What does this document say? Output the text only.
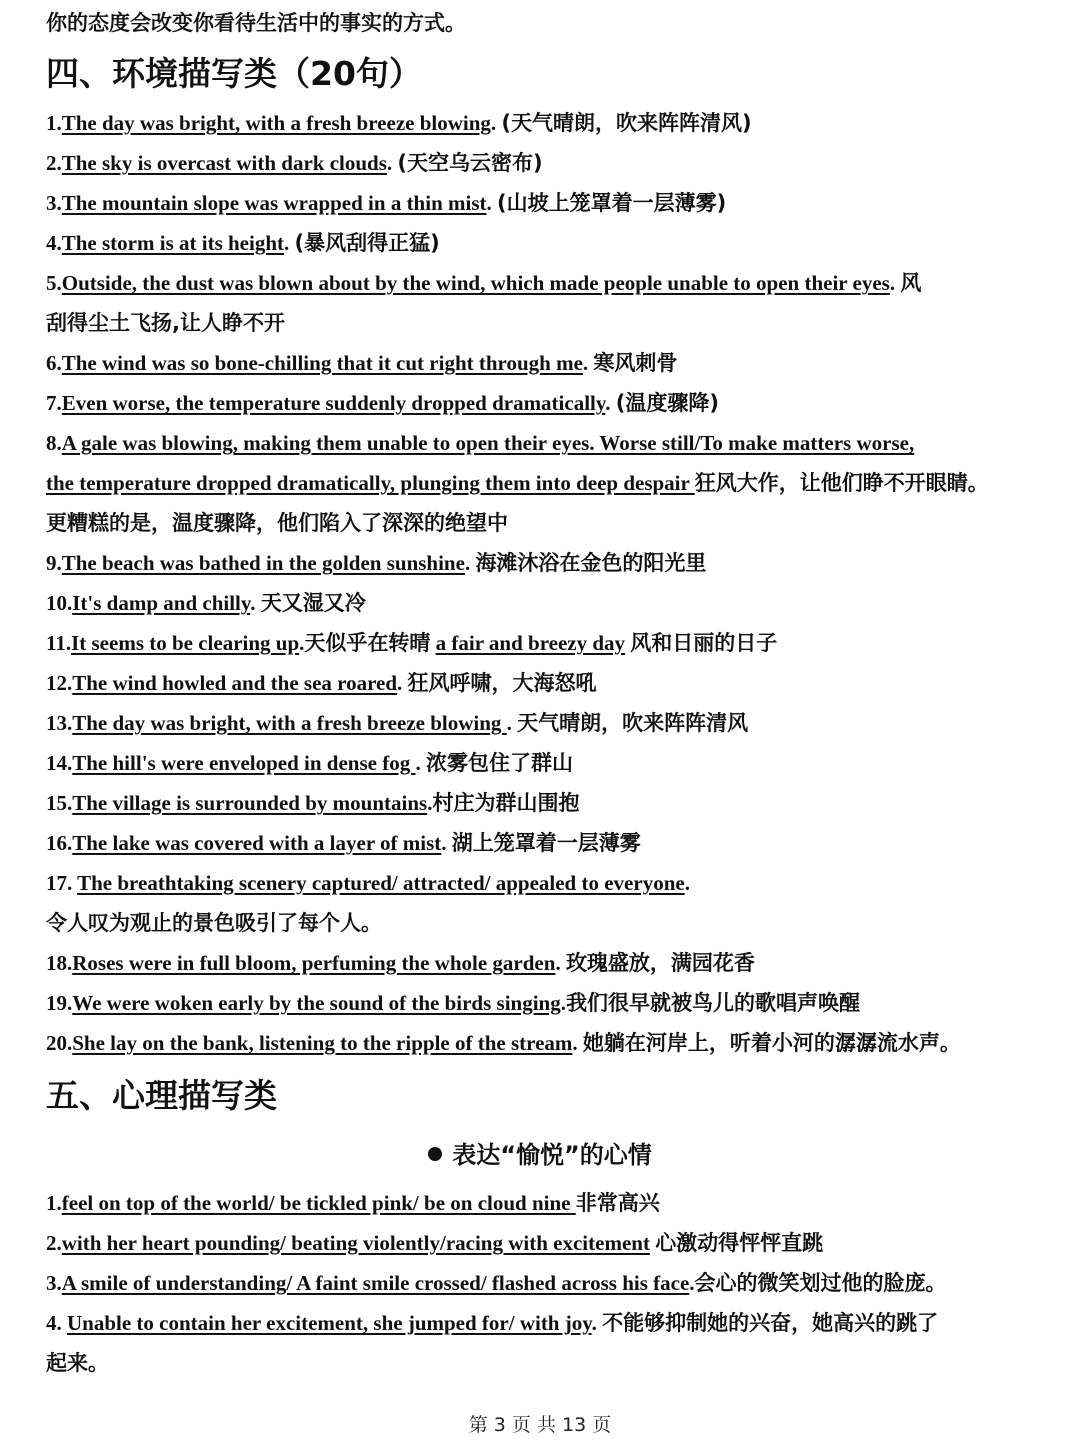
你的态度会改变你看待生活中的事实的方式。
四、环境描写类（20句）
1.The day was bright, with a fresh breeze blowing. (天气晴朗，吹来阵阵清风)
2.The sky is overcast with dark clouds. (天空乌云密布)
3.The mountain slope was wrapped in a thin mist. (山坡上笼罩着一层薄雾)
4.The storm is at its height. (暴风刮得正猛)
5.Outside, the dust was blown about by the wind, which made people unable to open their eyes. 风
刮得尘土飞扬,让人睁不开
6.The wind was so bone-chilling that it cut right through me. 寒风刺骨
7.Even worse, the temperature suddenly dropped dramatically. (温度骤降)
8.A gale was blowing, making them unable to open their eyes. Worse still/To make matters worse,
the temperature dropped dramatically, plunging them into deep despair 狂风大作，让他们睁不开眼睛。
更糟糕的是，温度骤降，他们陷入了深深的绝望中
9.The beach was bathed in the golden sunshine. 海滩沐浴在金色的阳光里
10.It's damp and chilly. 天又湿又冷
11.It seems to be clearing up.天似乎在转晴 a fair and breezy day 风和日丽的日子
12.The wind howled and the sea roared. 狂风呼啸，大海怒吼
13.The day was bright, with a fresh breeze blowing . 天气晴朗，吹来阵阵清风
14.The hill's were enveloped in dense fog . 浓雾包住了群山
15.The village is surrounded by mountains.村庄为群山围抱
16.The lake was covered with a layer of mist. 湖上笼罩着一层薄雾
17. The breathtaking scenery captured/ attracted/ appealed to everyone.
令人叹为观止的景色吸引了每个人。
18.Roses were in full bloom, perfuming the whole garden. 玫瑰盛放，满园花香
19.We were woken early by the sound of the birds singing.我们很早就被鸟儿的歌唱声唤醒
20.She lay on the bank, listening to the ripple of the stream. 她躺在河岸上，听着小河的潺潺流水声。
五、心理描写类
表达“愉悦”的心情
1.feel on top of the world/ be tickled pink/ be on cloud nine 非常高兴
2.with her heart pounding/ beating violently/racing with excitement 心激动得怦怦直跳
3.A smile of understanding/ A faint smile crossed/ flashed across his face.会心的微笑划过他的脸庞。
4. Unable to contain her excitement, she jumped for/ with joy. 不能够抑制她的兴奋，她高兴的跳了
起来。
第 3 页 共 13 页
